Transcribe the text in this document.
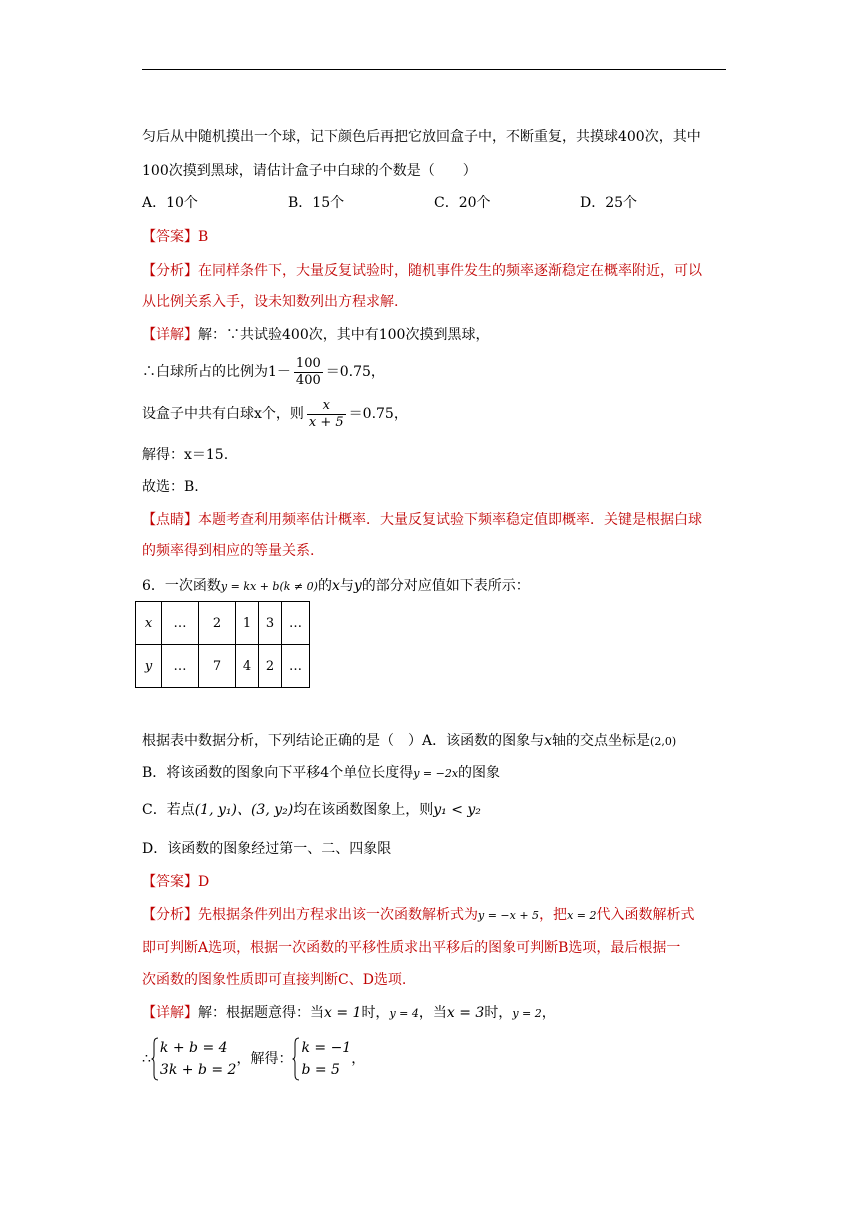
匀后从中随机摸出一个球，记下颜色后再把它放回盒子中，不断重复，共摸球400次，其中
100次摸到黑球，请估计盒子中白球的个数是（　　）
A．10个	B．15个	C．20个	D．25个
【答案】B
【分析】在同样条件下，大量反复试验时，随机事件发生的频率逐渐稳定在概率附近，可以
从比例关系入手，设未知数列出方程求解.
【详解】解：∵共试验400次，其中有100次摸到黑球，
∴白球所占的比例为$1- \frac{100}{400} =0.75$，
设盒子中共有白球x个，则 $\frac{x}{x + 5} =0.75$，
解得：x＝15.
故选：B.
【点睛】本题考查利用频率估计概率．大量反复试验下频率稳定值即概率．关键是根据白球
的频率得到相应的等量关系.
6．一次函数y = kx + b(k ≠ 0)的x与y的部分对应值如下表所示：
x	…	2	1	3	…
y	…	7	4	2	…
根据表中数据分析，下列结论正确的是（　）A．该函数的图象与x轴的交点坐标是(2,0)
B．将该函数的图象向下平移4个单位长度得y = −2x的图象
C．若点(1, y₁)、(3, y₂)均在该函数图象上，则y₁ < y₂
D．该函数的图象经过第一、二、四象限
【答案】D
【分析】先根据条件列出方程求出该一次函数解析式为y = −x + 5，把x = 2代入函数解析式
即可判断A选项，根据一次函数的平移性质求出平移后的图象可判断B选项，最后根据一
次函数的图象性质即可直接判断C、D选项.
【详解】解：根据题意得：当x = 1时，y = 4，当x = 3时，y = 2，
∴
k + b = 4
3k + b = 2
，解得：
k = −1
b = 5
，
